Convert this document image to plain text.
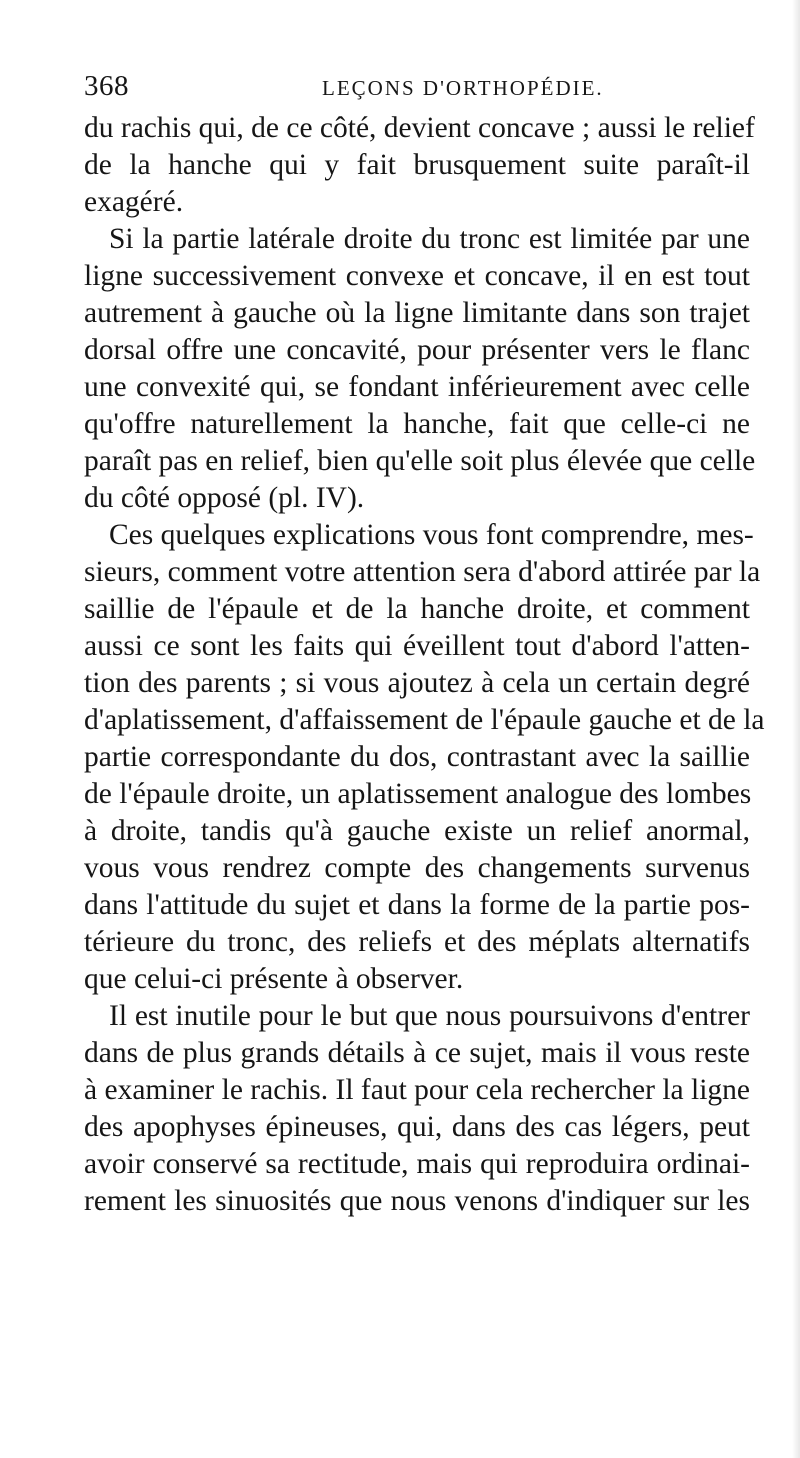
368	LEÇONS D'ORTHOPÉDIE.
du rachis qui, de ce côté, devient concave ; aussi le relief
de la hanche qui y fait brusquement suite paraît-il
exagéré.
Si la partie latérale droite du tronc est limitée par une
ligne successivement convexe et concave, il en est tout
autrement à gauche où la ligne limitante dans son trajet
dorsal offre une concavité, pour présenter vers le flanc
une convexité qui, se fondant inférieurement avec celle
qu'offre naturellement la hanche, fait que celle-ci ne
paraît pas en relief, bien qu'elle soit plus élevée que celle
du côté opposé (pl. IV).
Ces quelques explications vous font comprendre, mes-
sieurs, comment votre attention sera d'abord attirée par la
saillie de l'épaule et de la hanche droite, et comment
aussi ce sont les faits qui éveillent tout d'abord l'atten-
tion des parents ; si vous ajoutez à cela un certain degré
d'aplatissement, d'affaissement de l'épaule gauche et de la
partie correspondante du dos, contrastant avec la saillie
de l'épaule droite, un aplatissement analogue des lombes
à droite, tandis qu'à gauche existe un relief anormal,
vous vous rendrez compte des changements survenus
dans l'attitude du sujet et dans la forme de la partie pos-
térieure du tronc, des reliefs et des méplats alternatifs
que celui-ci présente à observer.
Il est inutile pour le but que nous poursuivons d'entrer
dans de plus grands détails à ce sujet, mais il vous reste
à examiner le rachis. Il faut pour cela rechercher la ligne
des apophyses épineuses, qui, dans des cas légers, peut
avoir conservé sa rectitude, mais qui reproduira ordinai-
rement les sinuosités que nous venons d'indiquer sur les
